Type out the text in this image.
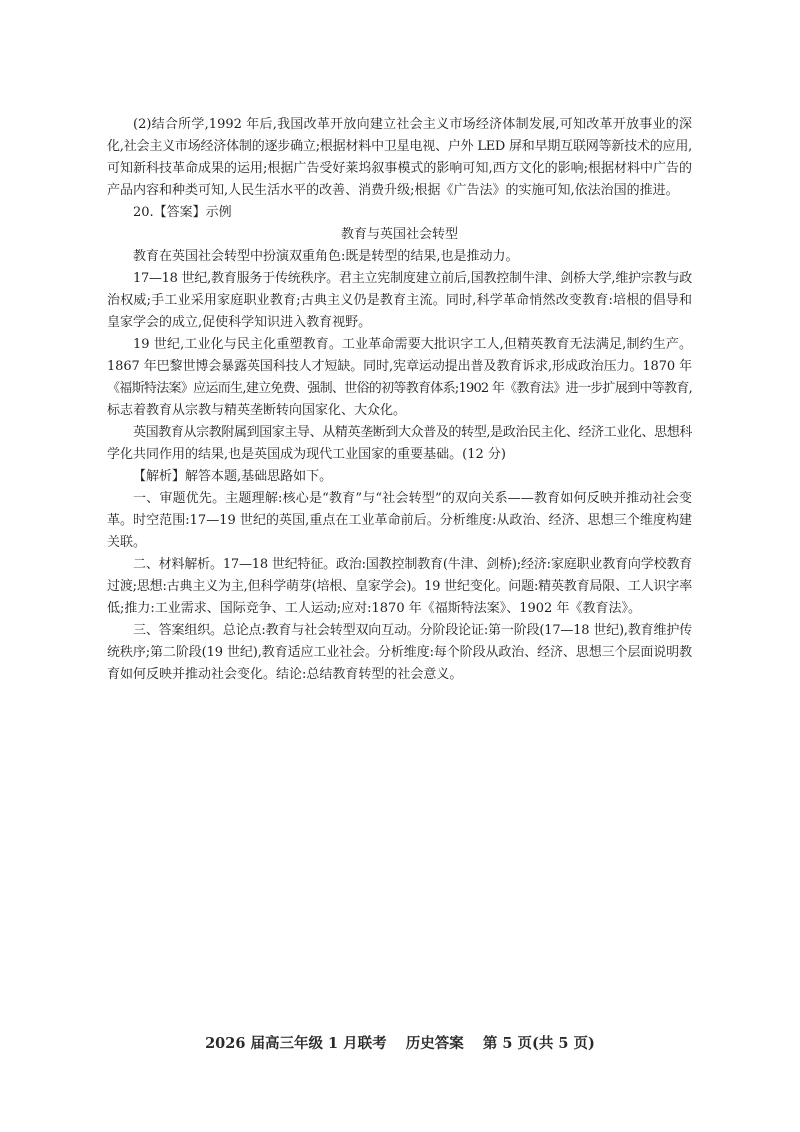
(2)结合所学,1992 年后,我国改革开放向建立社会主义市场经济体制发展,可知改革开放事业的深
化,社会主义市场经济体制的逐步确立;根据材料中卫星电视、户外 LED 屏和早期互联网等新技术的应用,
可知新科技革命成果的运用;根据广告受好莱坞叙事模式的影响可知,西方文化的影响;根据材料中广告的
产品内容和种类可知,人民生活水平的改善、消费升级;根据《广告法》的实施可知,依法治国的推进。
20.【答案】示例
教育与英国社会转型
教育在英国社会转型中扮演双重角色:既是转型的结果,也是推动力。
17—18 世纪,教育服务于传统秩序。君主立宪制度建立前后,国教控制牛津、剑桥大学,维护宗教与政
治权威;手工业采用家庭职业教育;古典主义仍是教育主流。同时,科学革命悄然改变教育:培根的倡导和
皇家学会的成立,促使科学知识进入教育视野。
19 世纪,工业化与民主化重塑教育。工业革命需要大批识字工人,但精英教育无法满足,制约生产。
1867 年巴黎世博会暴露英国科技人才短缺。同时,宪章运动提出普及教育诉求,形成政治压力。1870 年
《福斯特法案》应运而生,建立免费、强制、世俗的初等教育体系;1902 年《教育法》进一步扩展到中等教育,
标志着教育从宗教与精英垄断转向国家化、大众化。
英国教育从宗教附属到国家主导、从精英垄断到大众普及的转型,是政治民主化、经济工业化、思想科
学化共同作用的结果,也是英国成为现代工业国家的重要基础。(12 分)
【解析】解答本题,基础思路如下。
一、审题优先。主题理解:核心是“教育”与“社会转型”的双向关系——教育如何反映并推动社会变
革。时空范围:17—19 世纪的英国,重点在工业革命前后。分析维度:从政治、经济、思想三个维度构建
关联。
二、材料解析。17—18 世纪特征。政治:国教控制教育(牛津、剑桥);经济:家庭职业教育向学校教育
过渡;思想:古典主义为主,但科学萌芽(培根、皇家学会)。19 世纪变化。问题:精英教育局限、工人识字率
低;推力:工业需求、国际竞争、工人运动;应对:1870 年《福斯特法案》、1902 年《教育法》。
三、答案组织。总论点:教育与社会转型双向互动。分阶段论证:第一阶段(17—18 世纪),教育维护传
统秩序;第二阶段(19 世纪),教育适应工业社会。分析维度:每个阶段从政治、经济、思想三个层面说明教
育如何反映并推动社会变化。结论:总结教育转型的社会意义。
2026 届高三年级 1 月联考 历史答案 第 5 页(共 5 页)
